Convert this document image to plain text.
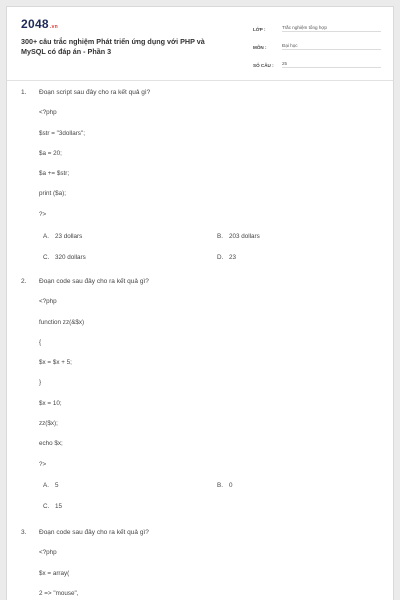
2048.vn
300+ câu trắc nghiệm Phát triển ứng dụng với PHP và MySQL có đáp án - Phần 3
LỚP :	Trắc nghiệm tổng hợp
MÔN :	Đại học
SỐ CÂU :	25
1. Đoạn script sau đây cho ra kết quả gì?
<?php
$str = "3dollars";
$a = 20;
$a += $str;
print ($a);
?>
A. 23 dollars	B. 203 dollars
C. 320 dollars	D. 23
2. Đoạn code sau đây cho ra kết quả gì?
<?php
function zz(&$x)
{
$x = $x + 5;
}
$x = 10;
zz($x);
echo $x;
?>
A. 5	B. 0
C. 15
3. Đoạn code sau đây cho ra kết quả gì?
<?php
$x = array(
2 => "mouse",
